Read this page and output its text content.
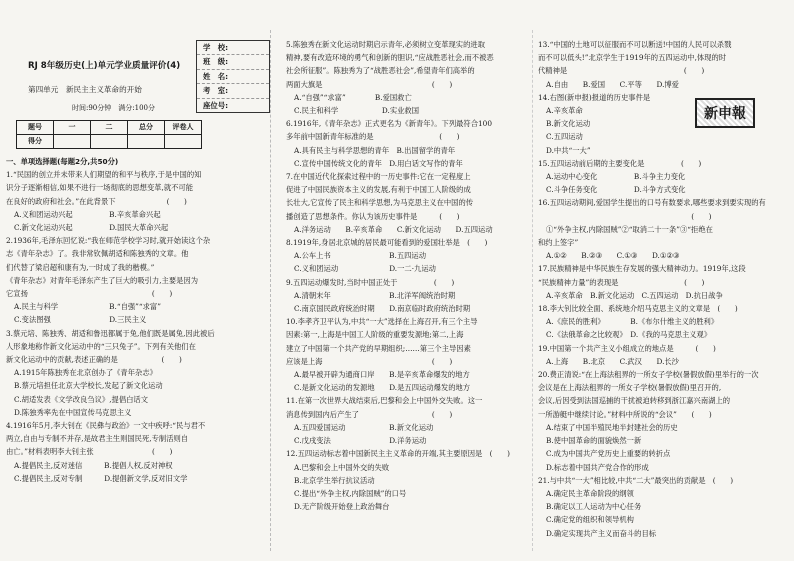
学　校:
班　级:
姓　名:
考　室:
座位号:
RJ 8年级历史(上)单元学业质量评价(4)
第四单元　新民主主义革命的开始
时间:90分钟　满分:100分
题号	一	二	总分	评卷人
得分				
一、单项选择题(每题2分,共50分)

1.“民国的创立并未带来人们期望的和平与秩序,于是中国的知

识分子逐渐相信,如果不进行一场彻底的思想变革,就不可能

在良好的政府和社会。”在此背景下　　　　　　　(　　)

A.义和团运动兴起　　　　　B.辛亥革命兴起

C.新文化运动兴起　　　　　D.国民大革命兴起

2.1936年,毛泽东回忆说:“我在师范学校学习时,就开始读这个杂

志《青年杂志》了。我非常钦佩胡适和陈独秀的文章。他

们代替了梁启超和康有为,一时成了我的楷模。”

《青年杂志》对青年毛泽东产生了巨大的吸引力,主要是因为

它宣扬　　　　　　　　　　　　　　　　　(　　)

A.民主与科学　　　　　　　B.“自强”“求富”

C.变法图强　　　　　　　　D.三民主义

3.蔡元培、陈独秀、胡适和鲁迅都属于兔,他们既是属兔,因此被后

人形象地称作新文化运动中的“三只兔子”。下列有关他们在

新文化运动中的贡献,表述正确的是　　　　　　(　　)

A.1915年陈独秀在北京创办了《青年杂志》

B.蔡元培担任北京大学校长,发起了新文化运动

C.胡适发表《文学改良刍议》,提倡白话文

D.陈独秀率先在中国宣传马克思主义

4.1916年5月,李大钊在《民彝与政治》一文中疾呼:“民与君不

两立,自由与专制不并存,是故君主生则国民死,专制活则自

由亡。”材料表明李大钊主张　　　　　　　　(　　)

A.提倡民主,反对迷信　　　B.提倡人权,反对神权

C.提倡民主,反对专制　　　D.提倡新文学,反对旧文学

5.陈独秀在新文化运动时期启示青年,必须树立变革现实的进取

精神,要有改造环境的勇气和创新的胆识,“应战胜恶社会,而不被恶

社会所征服”。陈独秀为了“战胜恶社会”,希望青年们高举的

两面大旗是　　　　　　　　　　　　　　　(　　)

A.“自强”“求富”　　　　B.爱国救亡

C.民主和科学　　　　　　D.实业救国

6.1916年,《青年杂志》正式更名为《新青年》。下列最符合100

多年前中国新青年标准的是　　　　　　　　　(　　)

A.具有民主与科学思想的青年　B.出国留学的青年

C.宣传中国传统文化的青年　D.用白话文写作的青年

7.在中国近代化探索过程中的一历史事件:它在一定程度上

促进了中国民族资本主义的发展,有利于中国工人阶级的成

长壮大,它宣传了民主和科学思想,为马克思主义在中国的传

播创造了思想条件。你认为该历史事件是　　　(　　)

A.洋务运动　　B.辛亥革命　　C.新文化运动　　D.五四运动

8.1919年,身居北京城的居民最可能看到的爱国壮举是　(　　)

A.公车上书　　　　　　　　B.五四运动

C.义和团运动　　　　　　　D.一二·九运动

9.五四运动爆发时,当时中国正处于　　　　　(　　)

A.清朝末年　　　　　　　　B.北洋军阀统治时期

C.南京国民政府统治时期　　D.南京临时政府统治时期

10.李孝齐卫平认为,中共“一大”选择在上海召开,有三个主导

因素:第一,上海是中国工人阶级的重要发源地;第二,上海

建立了中国第一个共产党的早期组织;……第三个主导因素

应该是上海　　　　　　　　　　　　　　　(　　)

A.最早被开辟为通商口岸　　B.是辛亥革命爆发的地方

C.是新文化运动的发源地　　D.是五四运动爆发的地方

11.在第一次世界大战结束后,巴黎和会上中国外交失败。这一

消息传到国内后产生了　　　　　　　　　　(　　)

A.五四爱国运动　　　　　　B.新文化运动

C.戊戌变法　　　　　　　　D.洋务运动

12.五四运动标志着中国新民主主义革命的开端,其主要原因是　(　　)

A.巴黎和会上中国外交的失败

B.北京学生举行抗议活动

C.提出“外争主权,内除国贼”的口号

D.无产阶级开始登上政治舞台

13.“中国的土地可以征服而不可以断送!中国的人民可以杀戮

而不可以低头!”北京学生于1919年的五四运动中,体现的时

代精神是　　　　　　　　　　　　　　　　(　　)

A.自由　　B.爱国　　C.平等　　D.博爱

14.右图(新申报)报道的历史事件是

A.辛亥革命

B.新文化运动

C.五四运动

D.中共“一大”

15.五四运动前后期的主要变化是　　　　　(　　)

A.运动中心变化　　　　　B.斗争主力变化

C.斗争任务变化　　　　　D.斗争方式变化

16.五四运动期间,爱国学生提出的口号有数要求,哪些要求到要实现的有

　　　　　　　　　　　　　　　　　　　　　(　　)

①“外争主权,内除国贼”②“取消二十一条”③“拒绝在

和约上签字”

A.①②　　B.②③　　C.①③　　D.①②③

17.民族精神是中华民族生存发展的强大精神动力。1919年,这段

“民族精神力量”的表现是　　　　　　　　　(　　)

A.辛亥革命　B.新文化运动　C.五四运动　D.抗日战争

18.李大钊比较全面、系统地介绍马克思主义的文章是　(　　)

A.《庶民的胜利》　　　　B.《布尔什维主义的胜利》

C.《法俄革命之比较观》　D.《我的马克思主义观》

19.中国第一个共产主义小组成立的地点是　　　(　　)

A.上海　　B.北京　　C.武汉　　D.长沙

20.费正清说:“在上海法租界的一所女子学校(暑假放假)里举行的一次

会议是在上海法租界的一所女子学校(暑假放假)里召开的,

会议,后因受到法国巡捕的干扰被迫转移到浙江嘉兴南湖上的

一所游艇中继续讨论。”材料中所说的“会议”　　(　　)

A.结束了中国半殖民地半封建社会的历史

B.使中国革命的面貌焕然一新

C.成为中国共产党历史上重要的转折点

D.标志着中国共产党合作的形成

21.与中共“一大”相比较,中共“二大”最突出的贡献是　(　　)

A.确定民主革命阶段的纲领

B.确定以工人运动为中心任务

C.确定党的组织和领导机构

D.确定实现共产主义而奋斗的目标

新申報
